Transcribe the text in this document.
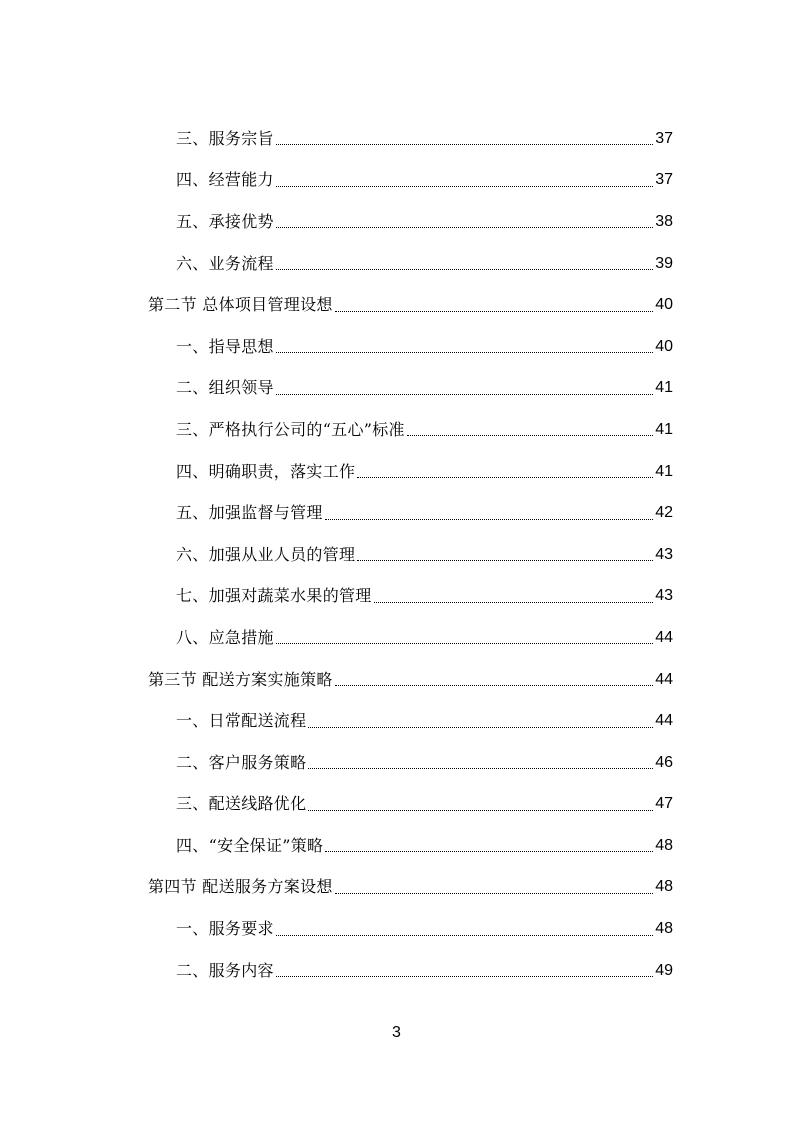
三、服务宗旨	37
四、经营能力	37
五、承接优势	38
六、业务流程	39
第二节 总体项目管理设想	40
一、指导思想	40
二、组织领导	41
三、严格执行公司的“五心”标准	41
四、明确职责，落实工作	41
五、加强监督与管理	42
六、加强从业人员的管理	43
七、加强对蔬菜水果的管理	43
八、应急措施	44
第三节 配送方案实施策略	44
一、日常配送流程	44
二、客户服务策略	46
三、配送线路优化	47
四、“安全保证”策略	48
第四节 配送服务方案设想	48
一、服务要求	48
二、服务内容	49
3
